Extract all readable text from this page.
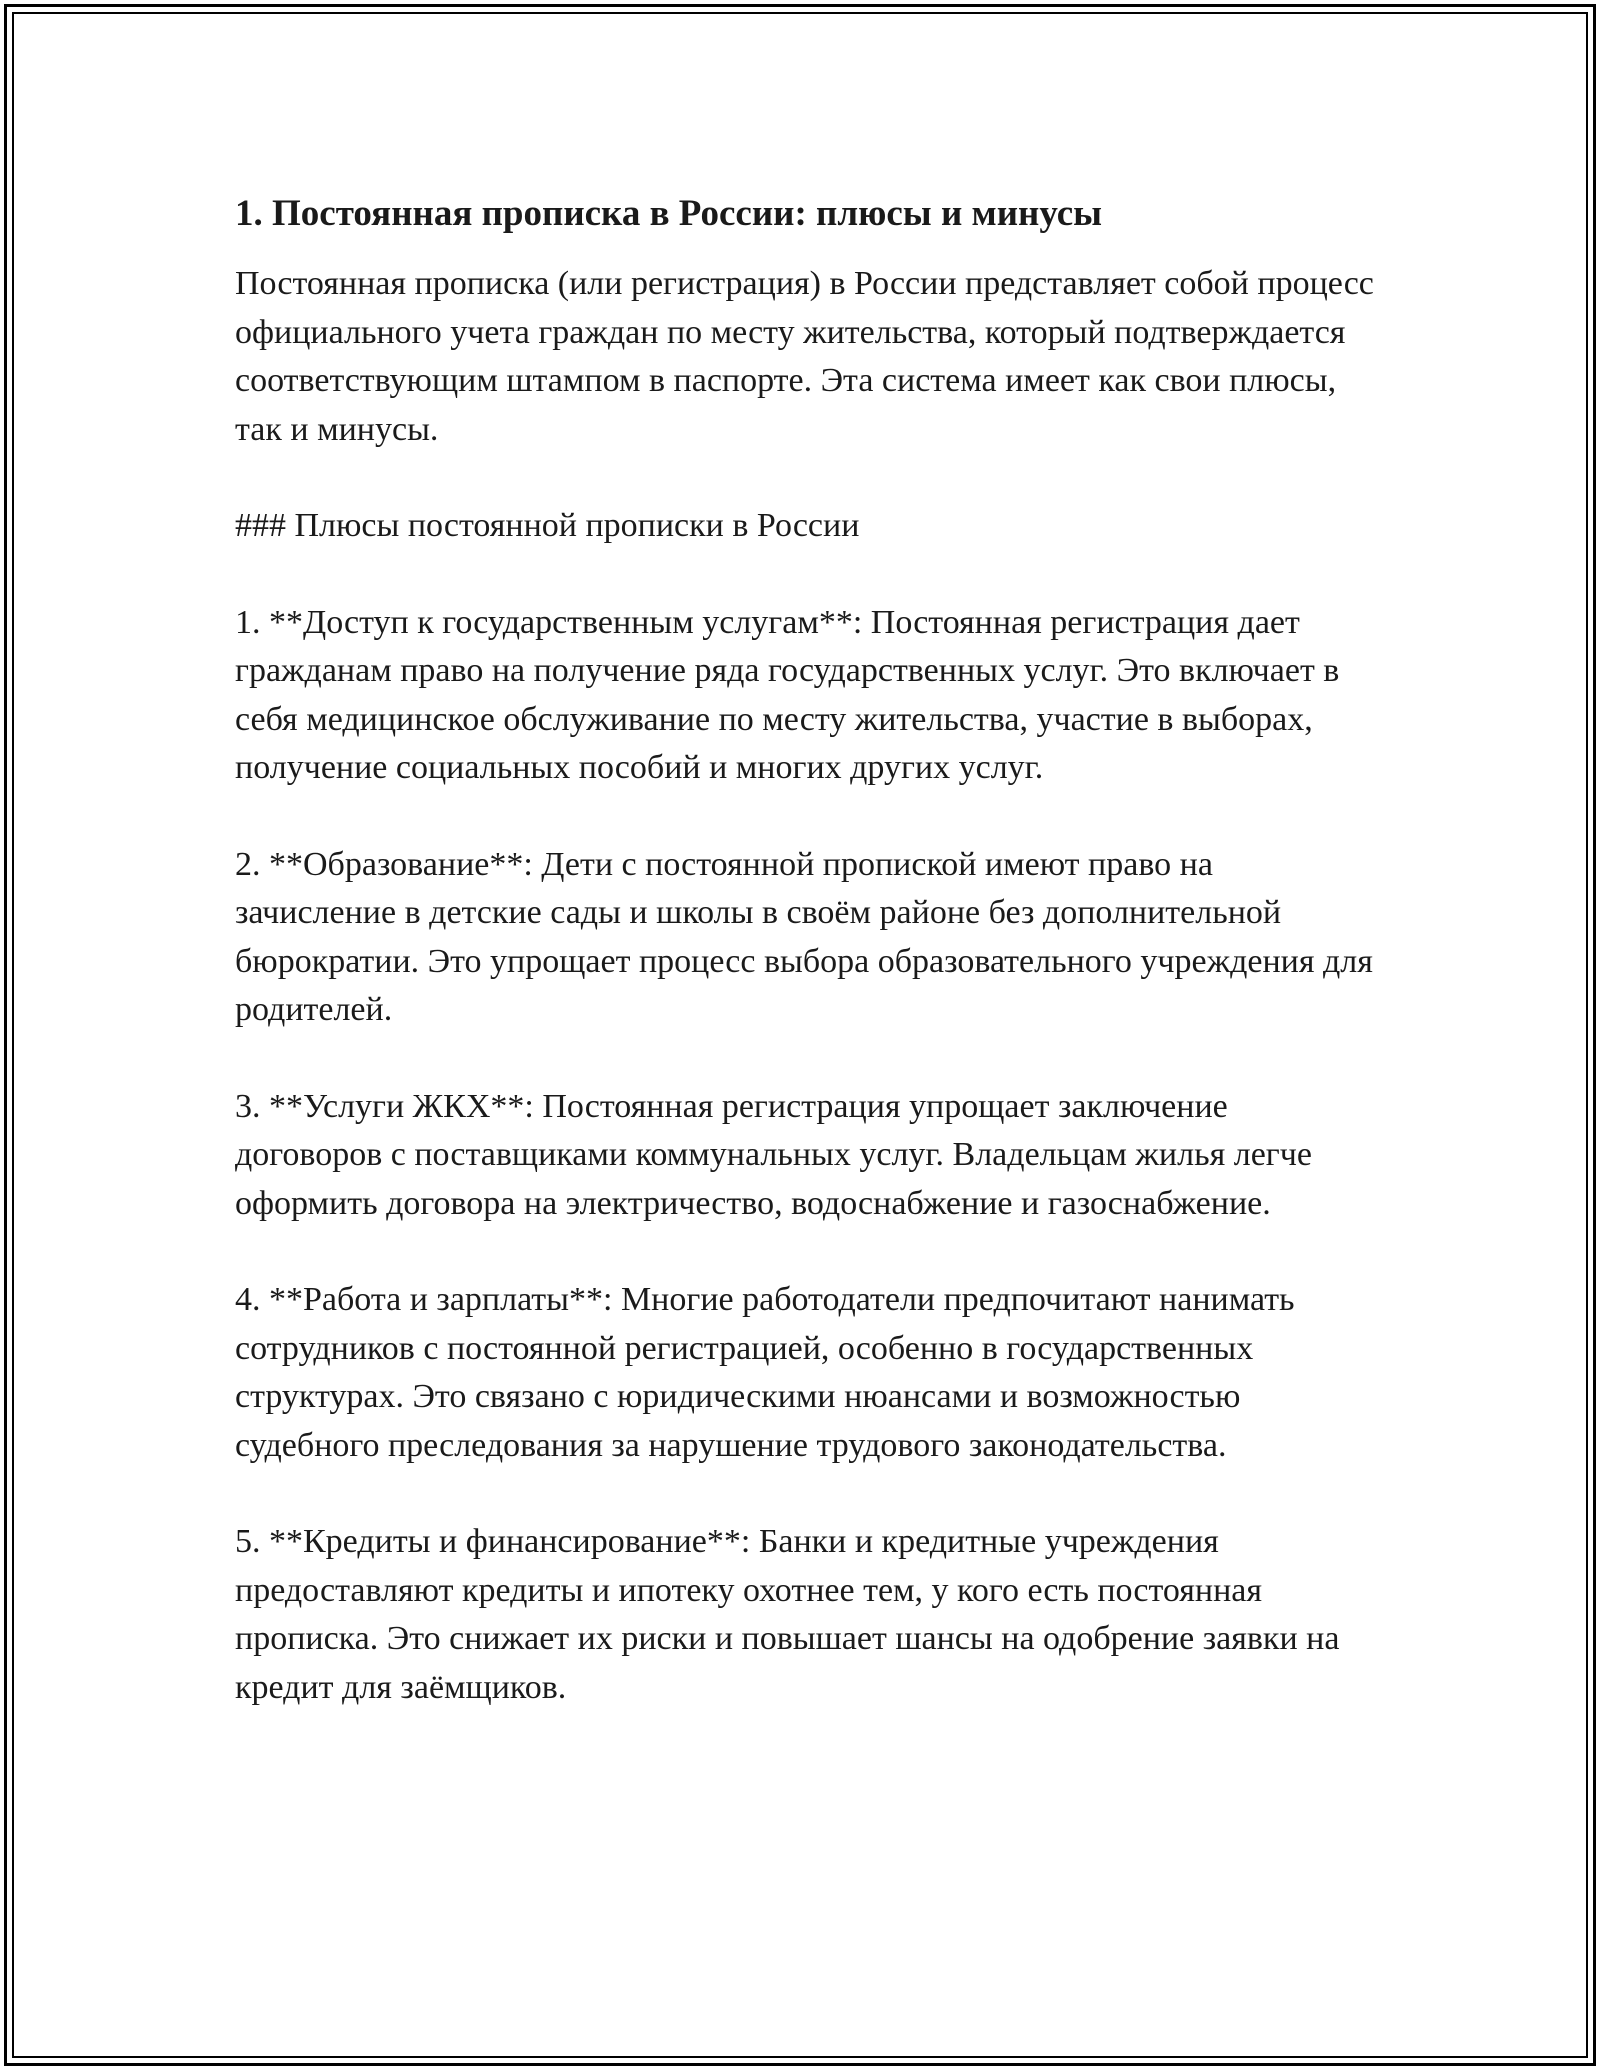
1. Постоянная прописка в России: плюсы и минусы

Постоянная прописка (или регистрация) в России представляет собой процесс официального учета граждан по месту жительства, который подтверждается соответствующим штампом в паспорте. Эта система имеет как свои плюсы, так и минусы.

### Плюсы постоянной прописки в России

1. **Доступ к государственным услугам**: Постоянная регистрация дает гражданам право на получение ряда государственных услуг. Это включает в себя медицинское обслуживание по месту жительства, участие в выборах, получение социальных пособий и многих других услуг.

2. **Образование**: Дети с постоянной пропиской имеют право на зачисление в детские сады и школы в своём районе без дополнительной бюрократии. Это упрощает процесс выбора образовательного учреждения для родителей.

3. **Услуги ЖКХ**: Постоянная регистрация упрощает заключение договоров с поставщиками коммунальных услуг. Владельцам жилья легче оформить договора на электричество, водоснабжение и газоснабжение.

4. **Работа и зарплаты**: Многие работодатели предпочитают нанимать сотрудников с постоянной регистрацией, особенно в государственных структурах. Это связано с юридическими нюансами и возможностью судебного преследования за нарушение трудового законодательства.

5. **Кредиты и финансирование**: Банки и кредитные учреждения предоставляют кредиты и ипотеку охотнее тем, у кого есть постоянная прописка. Это снижает их риски и повышает шансы на одобрение заявки на кредит для заёмщиков.
